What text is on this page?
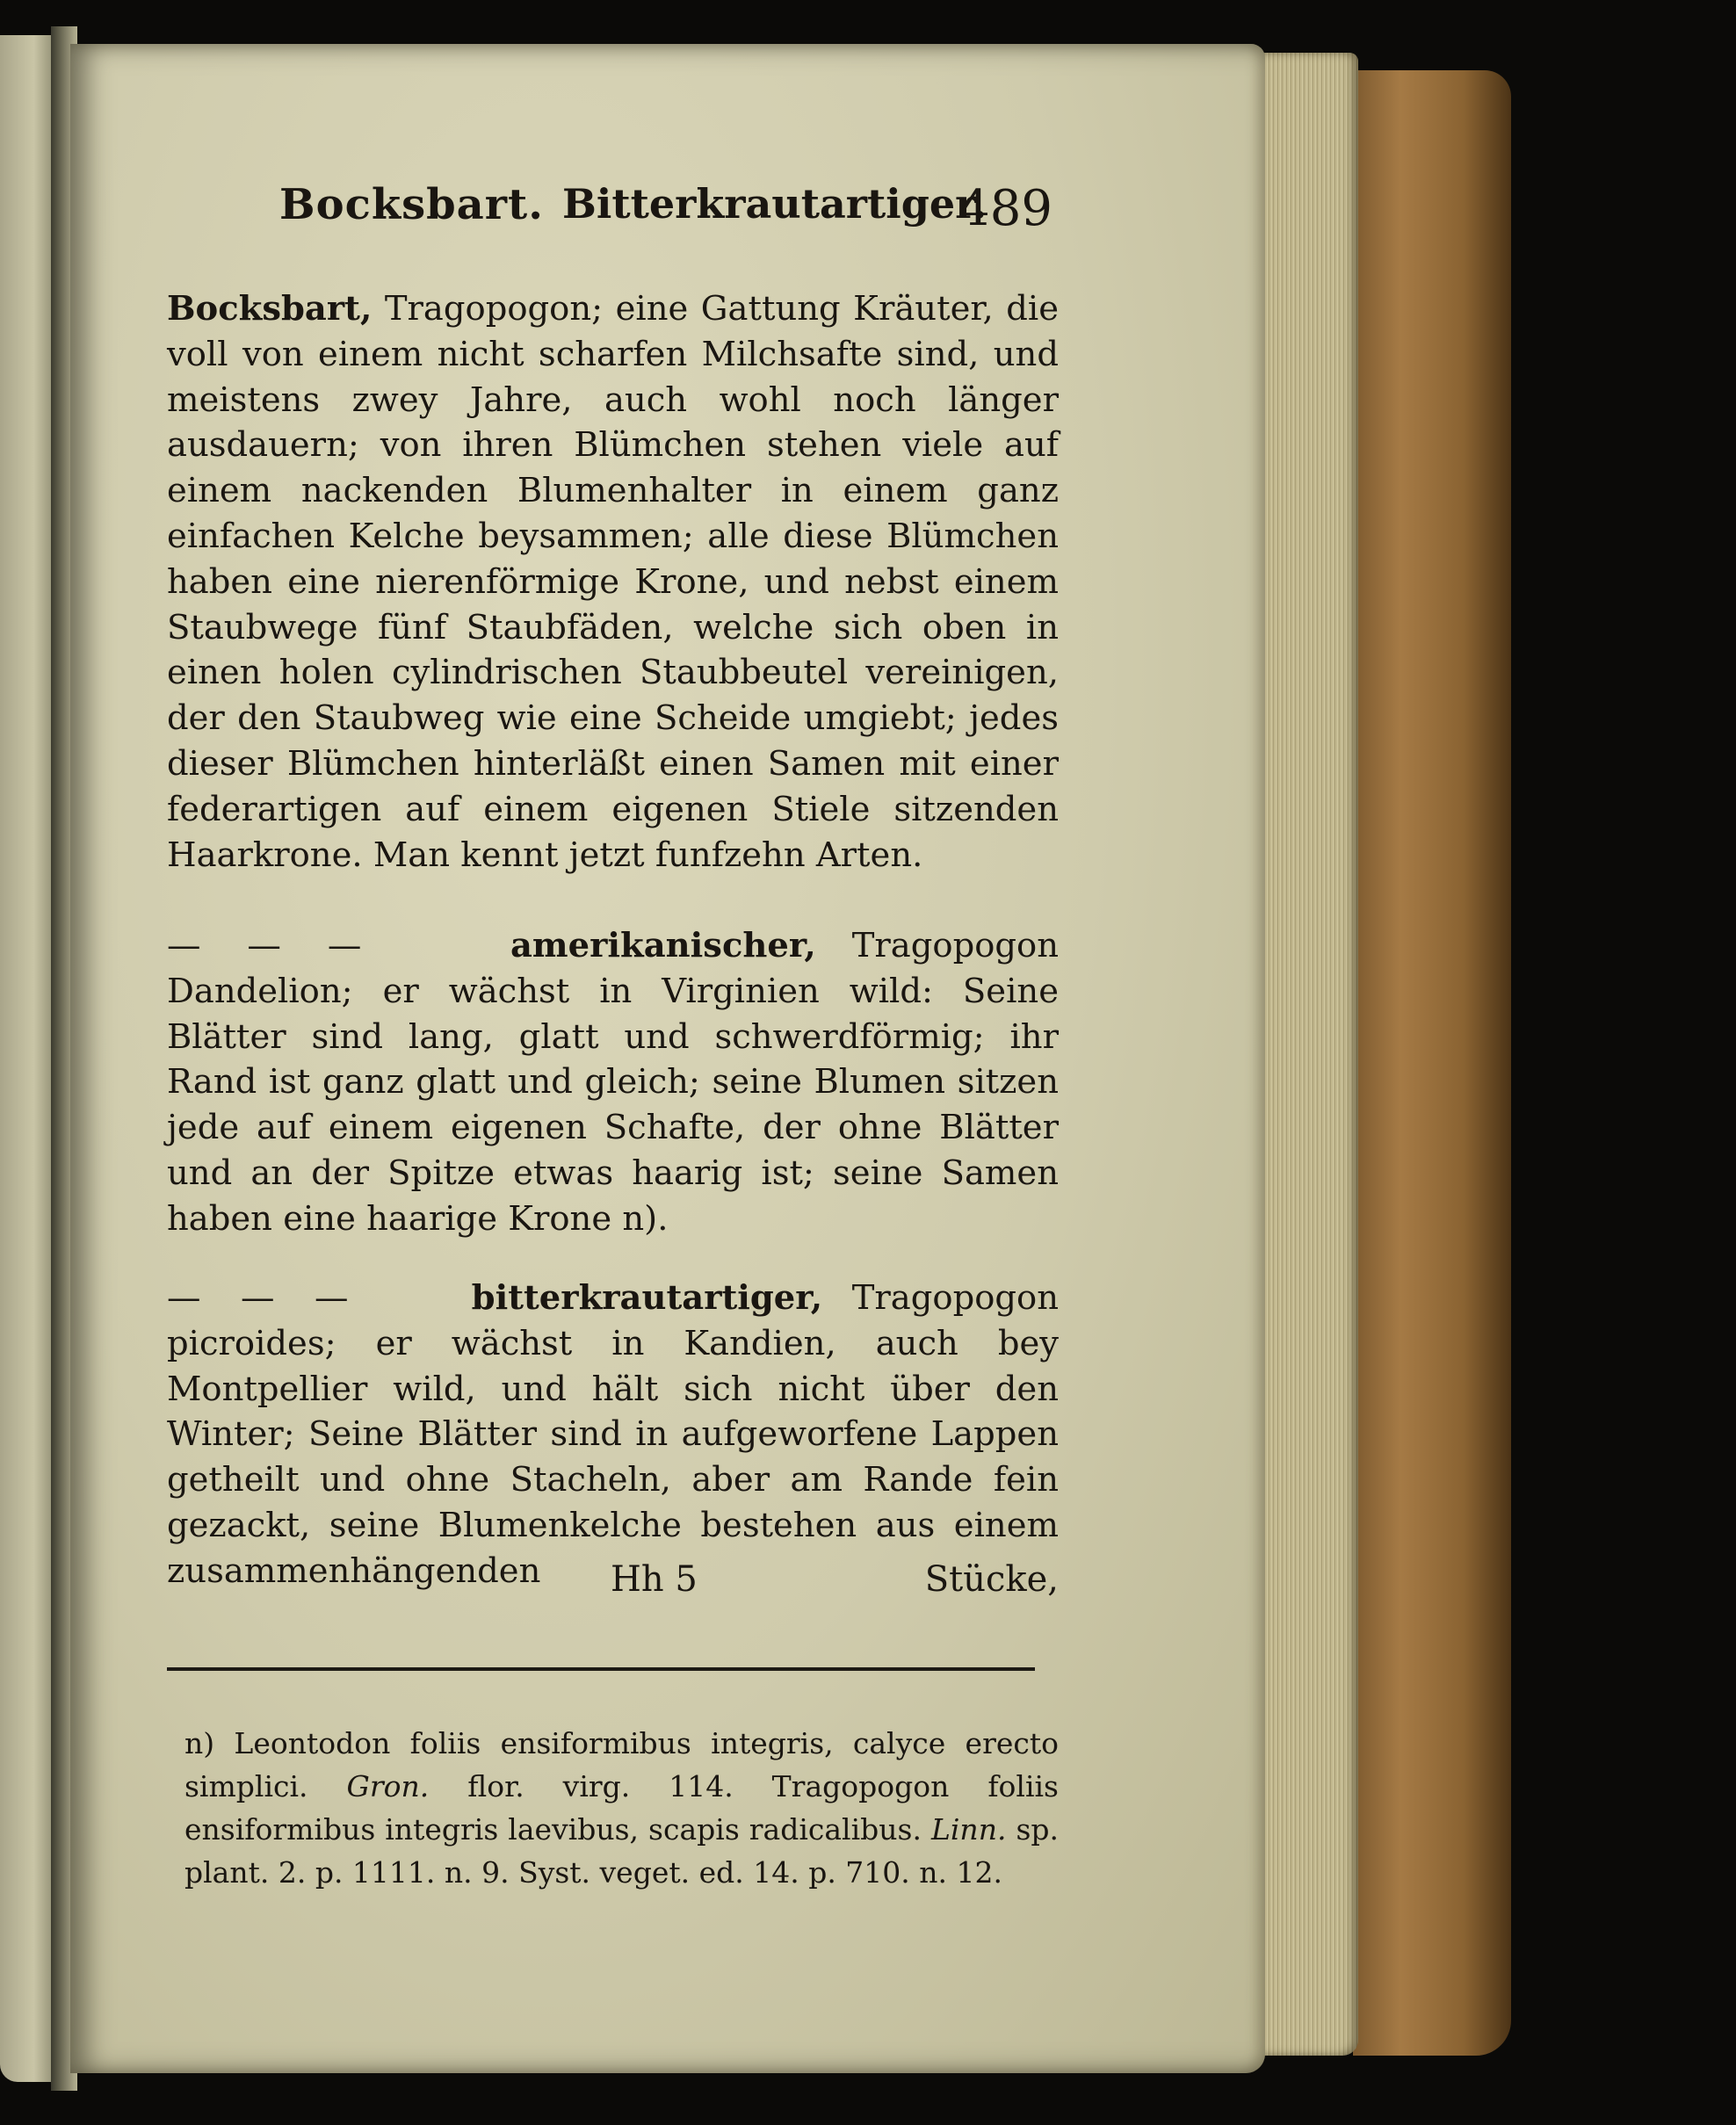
Bocksbart. Bitterkrautartiger.
489
Bocksbart, Tragopogon; eine Gattung Kräuter, die voll von einem nicht scharfen Milchsafte sind, und meistens zwey Jahre, auch wohl noch länger ausdauern; von ihren Blümchen stehen viele auf einem nackenden Blumenhalter in einem ganz einfachen Kelche beysammen; alle diese Blümchen haben eine nierenförmige Krone, und nebst einem Staubwege fünf Staubfäden, welche sich oben in einen holen cylindrischen Staubbeutel vereinigen, der den Staubweg wie eine Scheide umgiebt; jedes dieser Blümchen hinterläßt einen Samen mit einer federartigen auf einem eigenen Stiele sitzenden Haarkrone. Man kennt jetzt funfzehn Arten.
— — —	amerikanischer, Tragopogon Dandelion; er wächst in Virginien wild: Seine Blätter sind lang, glatt und schwerdförmig; ihr Rand ist ganz glatt und gleich; seine Blumen sitzen jede auf einem eigenen Schafte, der ohne Blätter und an der Spitze etwas haarig ist; seine Samen haben eine haarige Krone n).
— — —	bitterkrautartiger, Tragopogon picroides; er wächst in Kandien, auch bey Montpellier wild, und hält sich nicht über den Winter; Seine Blätter sind in aufgeworfene Lappen getheilt und ohne Stacheln, aber am Rande fein gezackt, seine Blumenkelche bestehen aus einem zusammenhängenden	Hh 5	Stücke,
n) Leontodon foliis ensiformibus integris, calyce erecto simplici. Gron. flor. virg. 114. Tragopogon foliis ensiformibus integris laevibus, scapis radicalibus. Linn. sp. plant. 2. p. 1111. n. 9. Syst. veget. ed. 14. p. 710. n. 12.
